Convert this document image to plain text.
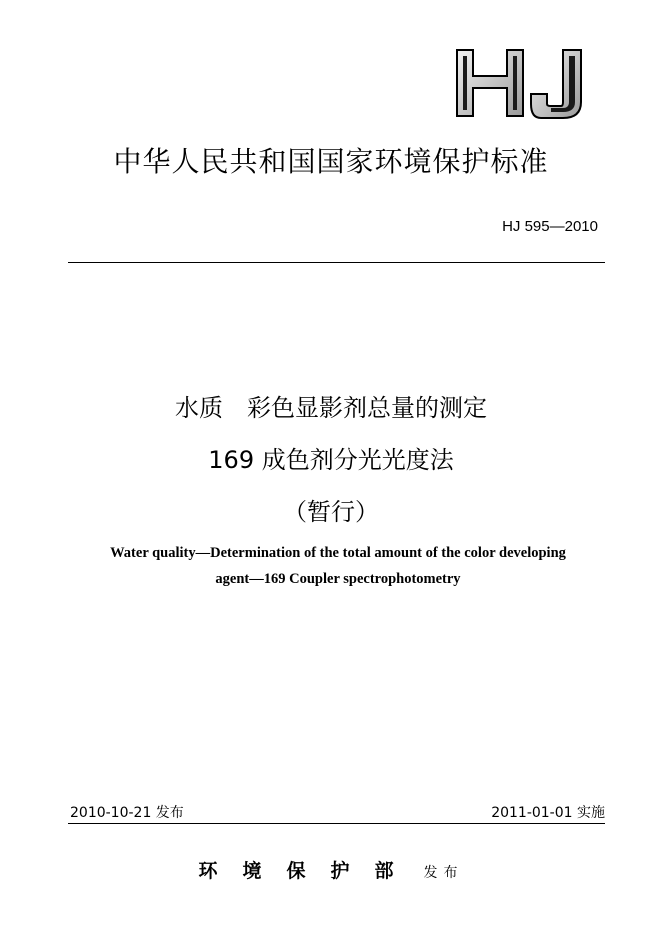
中华人民共和国国家环境保护标准
HJ 595—2010
水质　彩色显影剂总量的测定
169 成色剂分光光度法
（暂行）
Water quality—Determination of the total amount of the color developing
agent—169 Coupler spectrophotometry
2010-10-21 发布	2011-01-01 实施
环境保护部 发布
